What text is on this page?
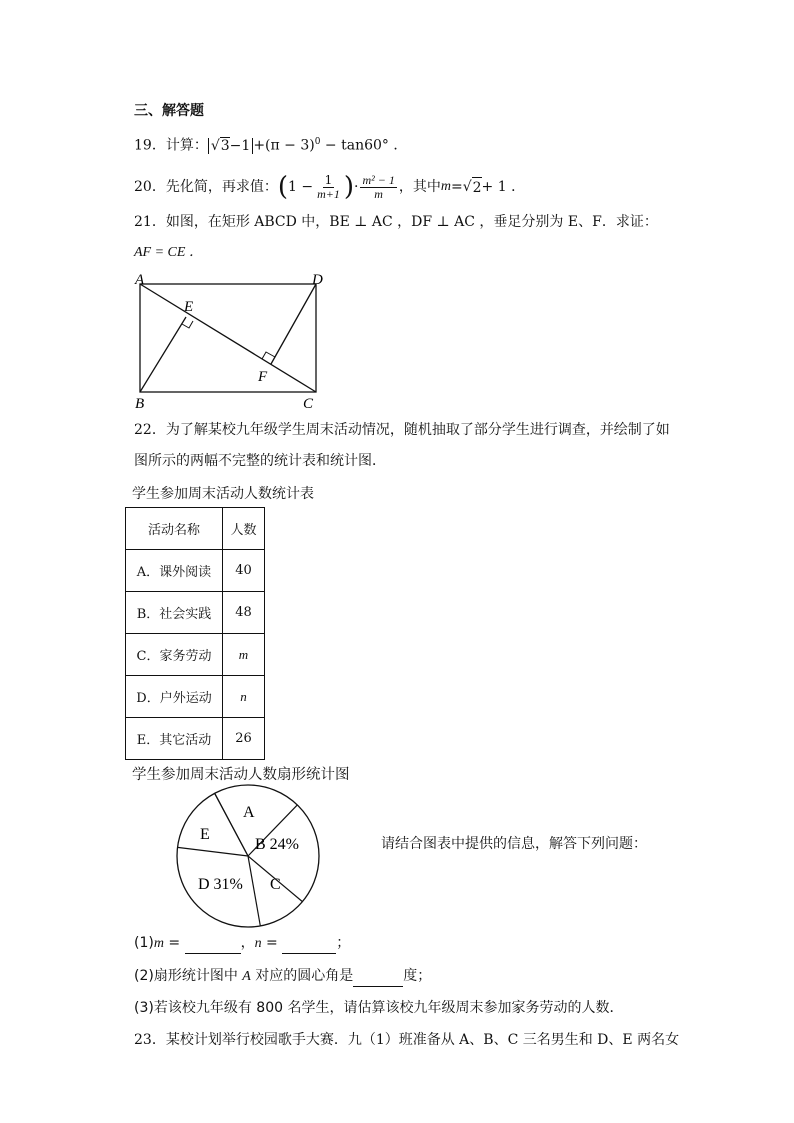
三、解答题
19．计算： $√3-1 +(\pi - 3)^0 - \tan 60^\circ$ ．
20．先化简，再求值： ( $1 - \frac{1}{m+1}$ ) · $\frac{\text{m² − 1}}{m}$ ，其中 m = √ 2 + 1 ．
21．如图，在矩形 ABCD 中，BE ⊥ AC ，DF ⊥ AC ，垂足分别为 E、F．求证：
AF = CE ．
A	D
B	C
E
F
22．为了解某校九年级学生周末活动情况，随机抽取了部分学生进行调查，并绘制了如
图所示的两幅不完整的统计表和统计图．
学生参加周末活动人数统计表
活动名称	人数
A．课外阅读	40
B．社会实践	48
C．家务劳动	m
D．户外运动	n
E．其它活动	26
学生参加周末活动人数扇形统计图
A
B 24%
C
D 31%
E
请结合图表中提供的信息，解答下列问题：
(1)m =	，n =	；
(2)扇形统计图中 A 对应的圆心角是	度；
(3)若该校九年级有 800 名学生，请估算该校九年级周末参加家务劳动的人数．
23．某校计划举行校园歌手大赛．九（1）班准备从 A、B、C 三名男生和 D、E 两名女
